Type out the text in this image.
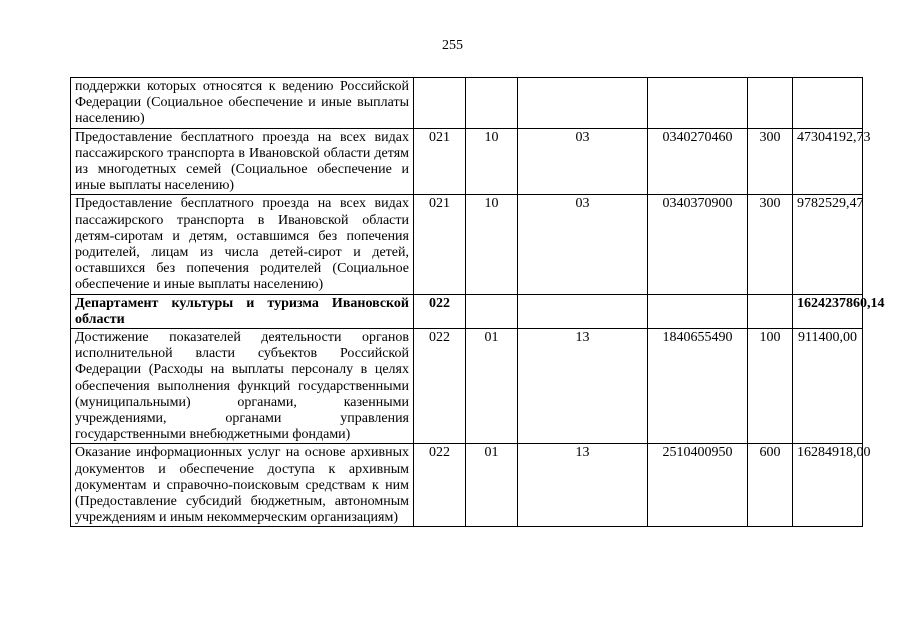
255
поддержки которых относятся к ведению Российской Федерации (Социальное обеспечение и иные выплаты населению)						
Предоставление бесплатного проезда на всех видах пассажирского транспорта в Ивановской области детям из многодетных семей (Социальное обеспечение и иные выплаты населению)	021	10	03	0340270460	300	47304192,73
Предоставление бесплатного проезда на всех видах пассажирского транспорта в Ивановской области детям-сиротам и детям, оставшимся без попечения родителей, лицам из числа детей-сирот и детей, оставшихся без попечения родителей (Социальное обеспечение и иные выплаты населению)	021	10	03	0340370900	300	9782529,47
Департамент культуры и туризма Ивановской области	022					1624237860,14
Достижение показателей деятельности органов исполнительной власти субъектов Российской Федерации (Расходы на выплаты персоналу в целях обеспечения выполнения функций государственными (муниципальными) органами, казенными учреждениями, органами управления государственными внебюджетными фондами)	022	01	13	1840655490	100	911400,00
Оказание информационных услуг на основе архивных документов и обеспечение доступа к архивным документам и справочно-поисковым средствам к ним (Предоставление субсидий бюджетным, автономным учреждениям и иным некоммерческим организациям)	022	01	13	2510400950	600	16284918,00
